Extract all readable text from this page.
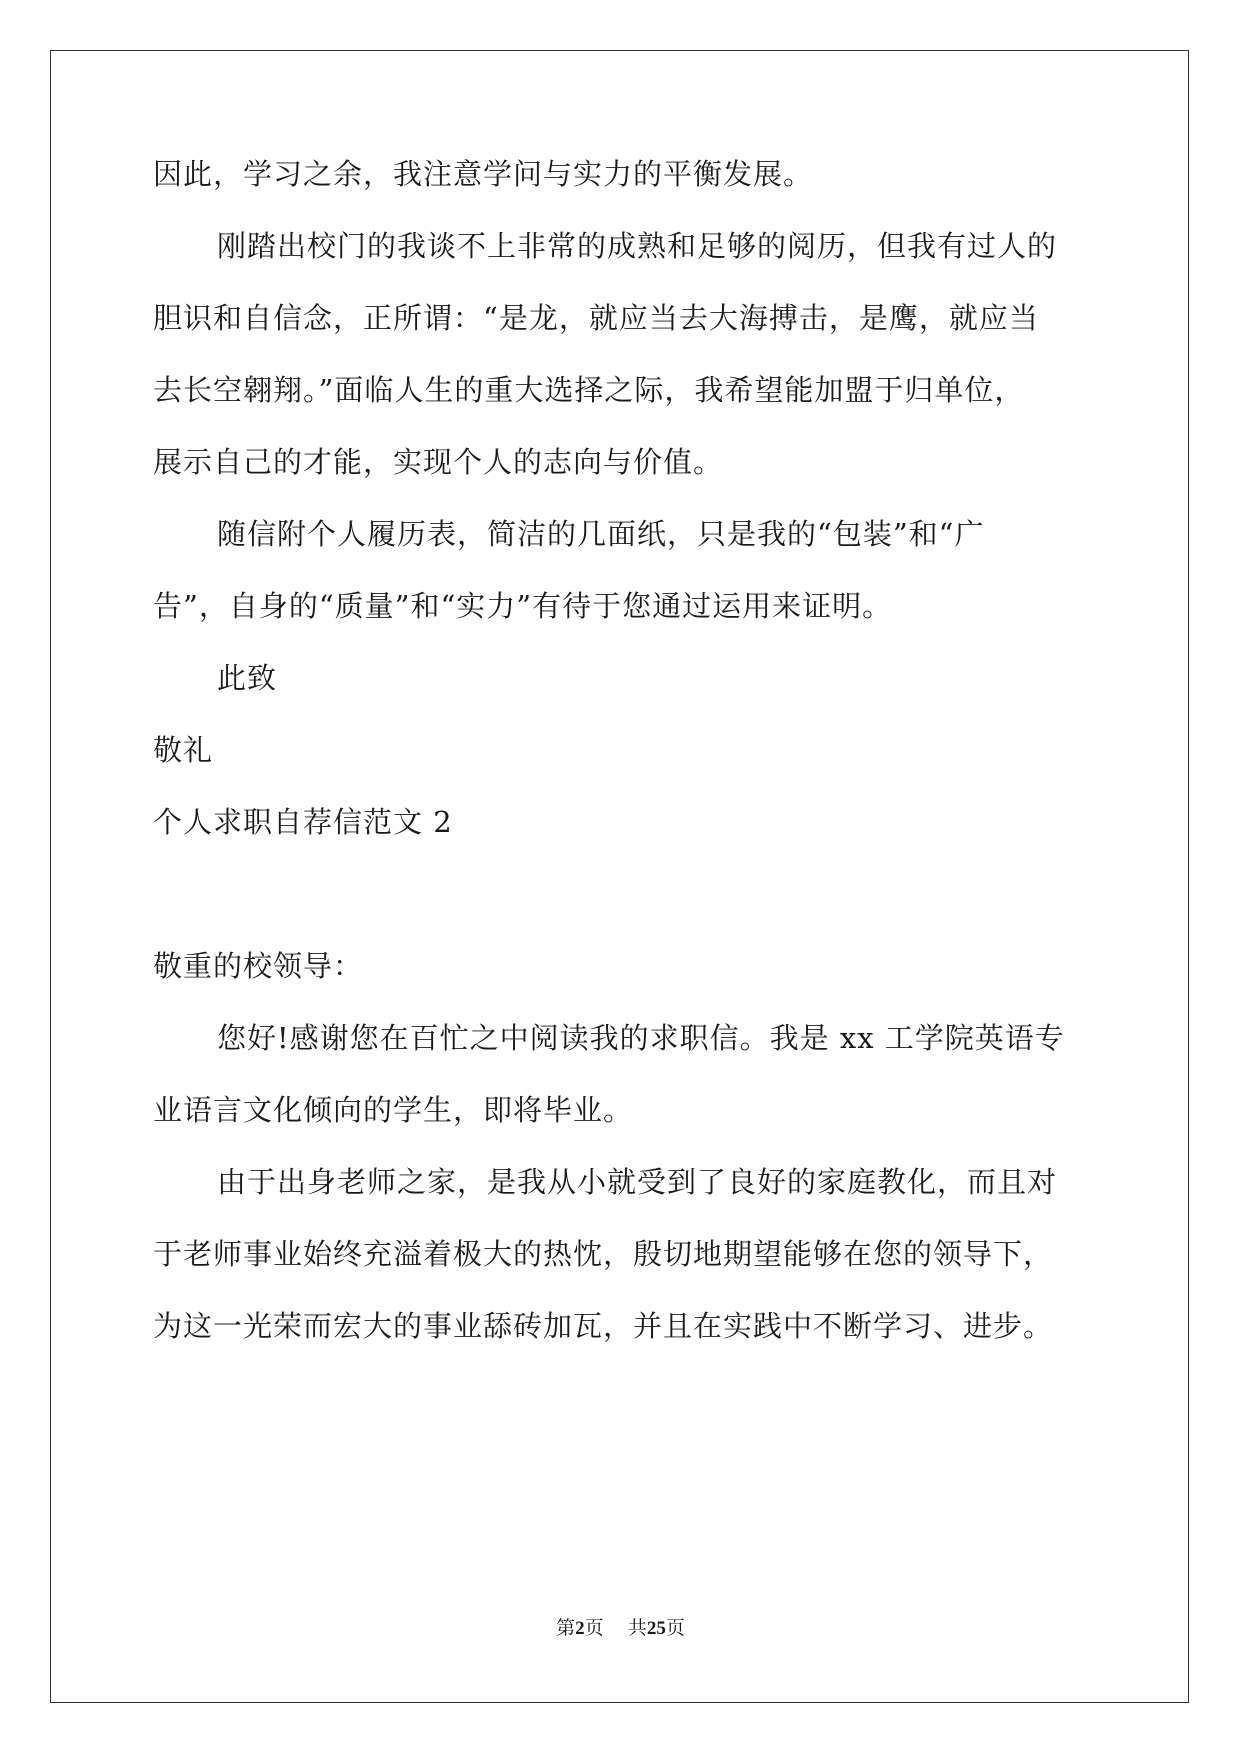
因此，学习之余，我注意学问与实力的平衡发展。
刚踏出校门的我谈不上非常的成熟和足够的阅历，但我有过人的
胆识和自信念，正所谓：“是龙，就应当去大海搏击，是鹰，就应当
去长空翱翔。”面临人生的重大选择之际，我希望能加盟于归单位，
展示自己的才能，实现个人的志向与价值。
随信附个人履历表，简洁的几面纸，只是我的“包装”和“广
告”，自身的“质量”和“实力”有待于您通过运用来证明。
此致
敬礼
个人求职自荐信范文 2
敬重的校领导：
您好!感谢您在百忙之中阅读我的求职信。我是 xx 工学院英语专
业语言文化倾向的学生，即将毕业。
由于出身老师之家，是我从小就受到了良好的家庭教化，而且对
于老师事业始终充溢着极大的热忱，殷切地期望能够在您的领导下，
为这一光荣而宏大的事业舔砖加瓦，并且在实践中不断学习、进步。
第2页 共25页
